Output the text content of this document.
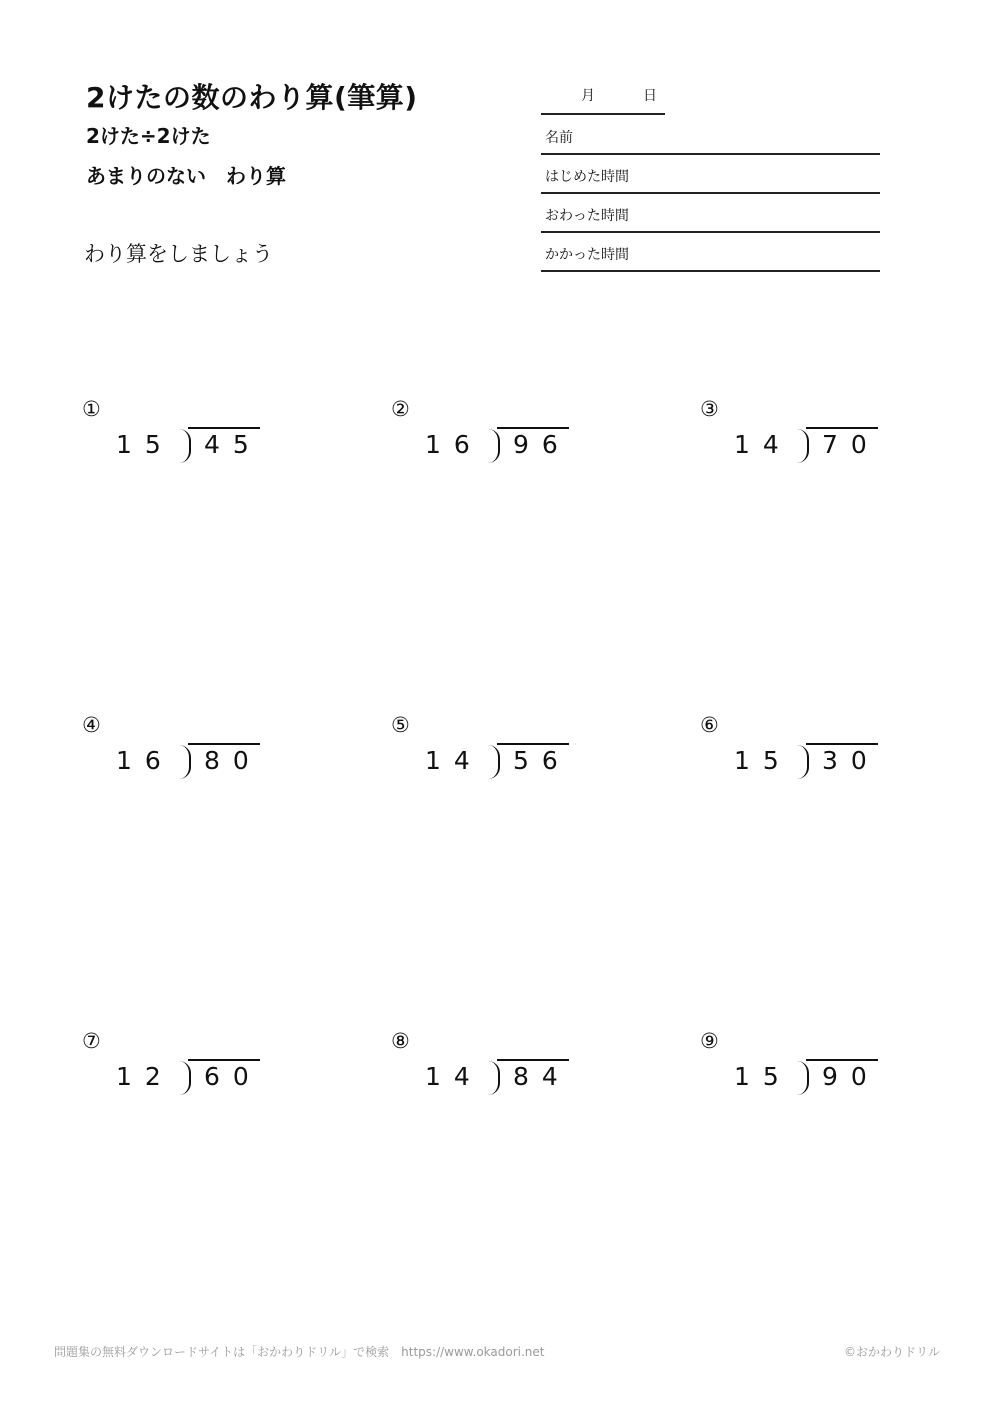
2けたの数のわり算(筆算)
2けた÷2けた
あまりのない　わり算
わり算をしましょう
月	日
名前
はじめた時間
おわった時間
かかった時間
①
15 45
②
16 96
③
14 70
④
16 80
⑤
14 56
⑥
15 30
⑦
12 60
⑧
14 84
⑨
15 90
問題集の無料ダウンロードサイトは「おかわりドリル」で検索　https://www.okadori.net	©おかわりドリル
